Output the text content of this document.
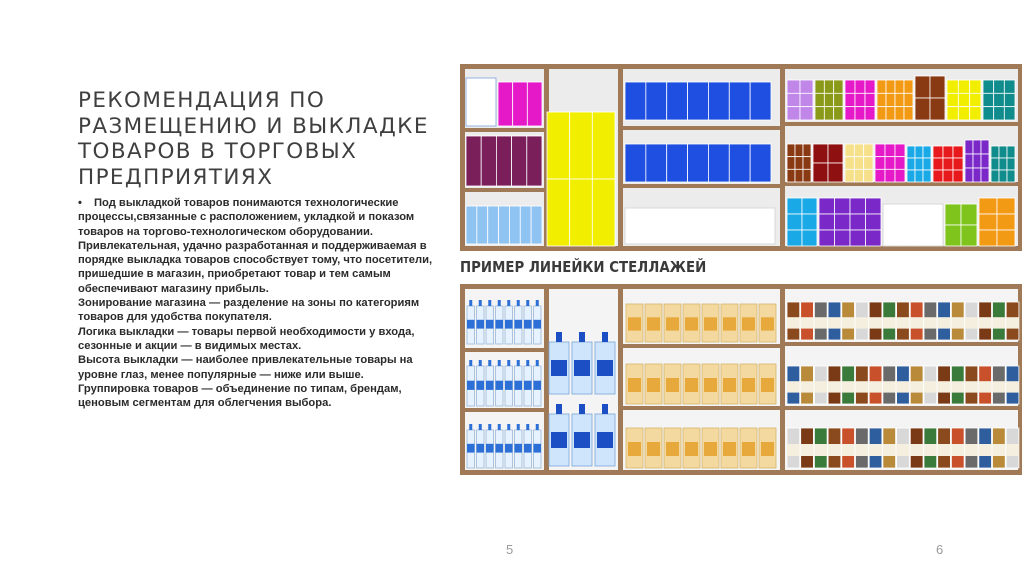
РЕКОМЕНДАЦИЯ ПО РАЗМЕЩЕНИЮ И ВЫКЛАДКЕ ТОВАРОВ В ТОРГОВЫХ ПРЕДПРИЯТИЯХ

• Под выкладкой товаров понимаются технологические процессы,связанные с расположением, укладкой и показом товаров на торгово-технологическом оборудовании. Привлекательная, удачно разработанная и поддерживаемая в порядке выкладка товаров способствует тому, что посетители, пришедшие в магазин, приобретают товар и тем самым обеспечивают магазину прибыль.

Зонирование магазина — разделение на зоны по категориям товаров для удобства покупателя.

Логика выкладки — товары первой необходимости у входа, сезонные и акции — в видимых местах.

Высота выкладки — наиболее привлекательные товары на уровне глаз, менее популярные — ниже или выше.

Группировка товаров — объединение по типам, брендам, ценовым сегментам для облегчения выбора.

ПРИМЕР ЛИНЕЙКИ СТЕЛЛАЖЕЙ
5	6
